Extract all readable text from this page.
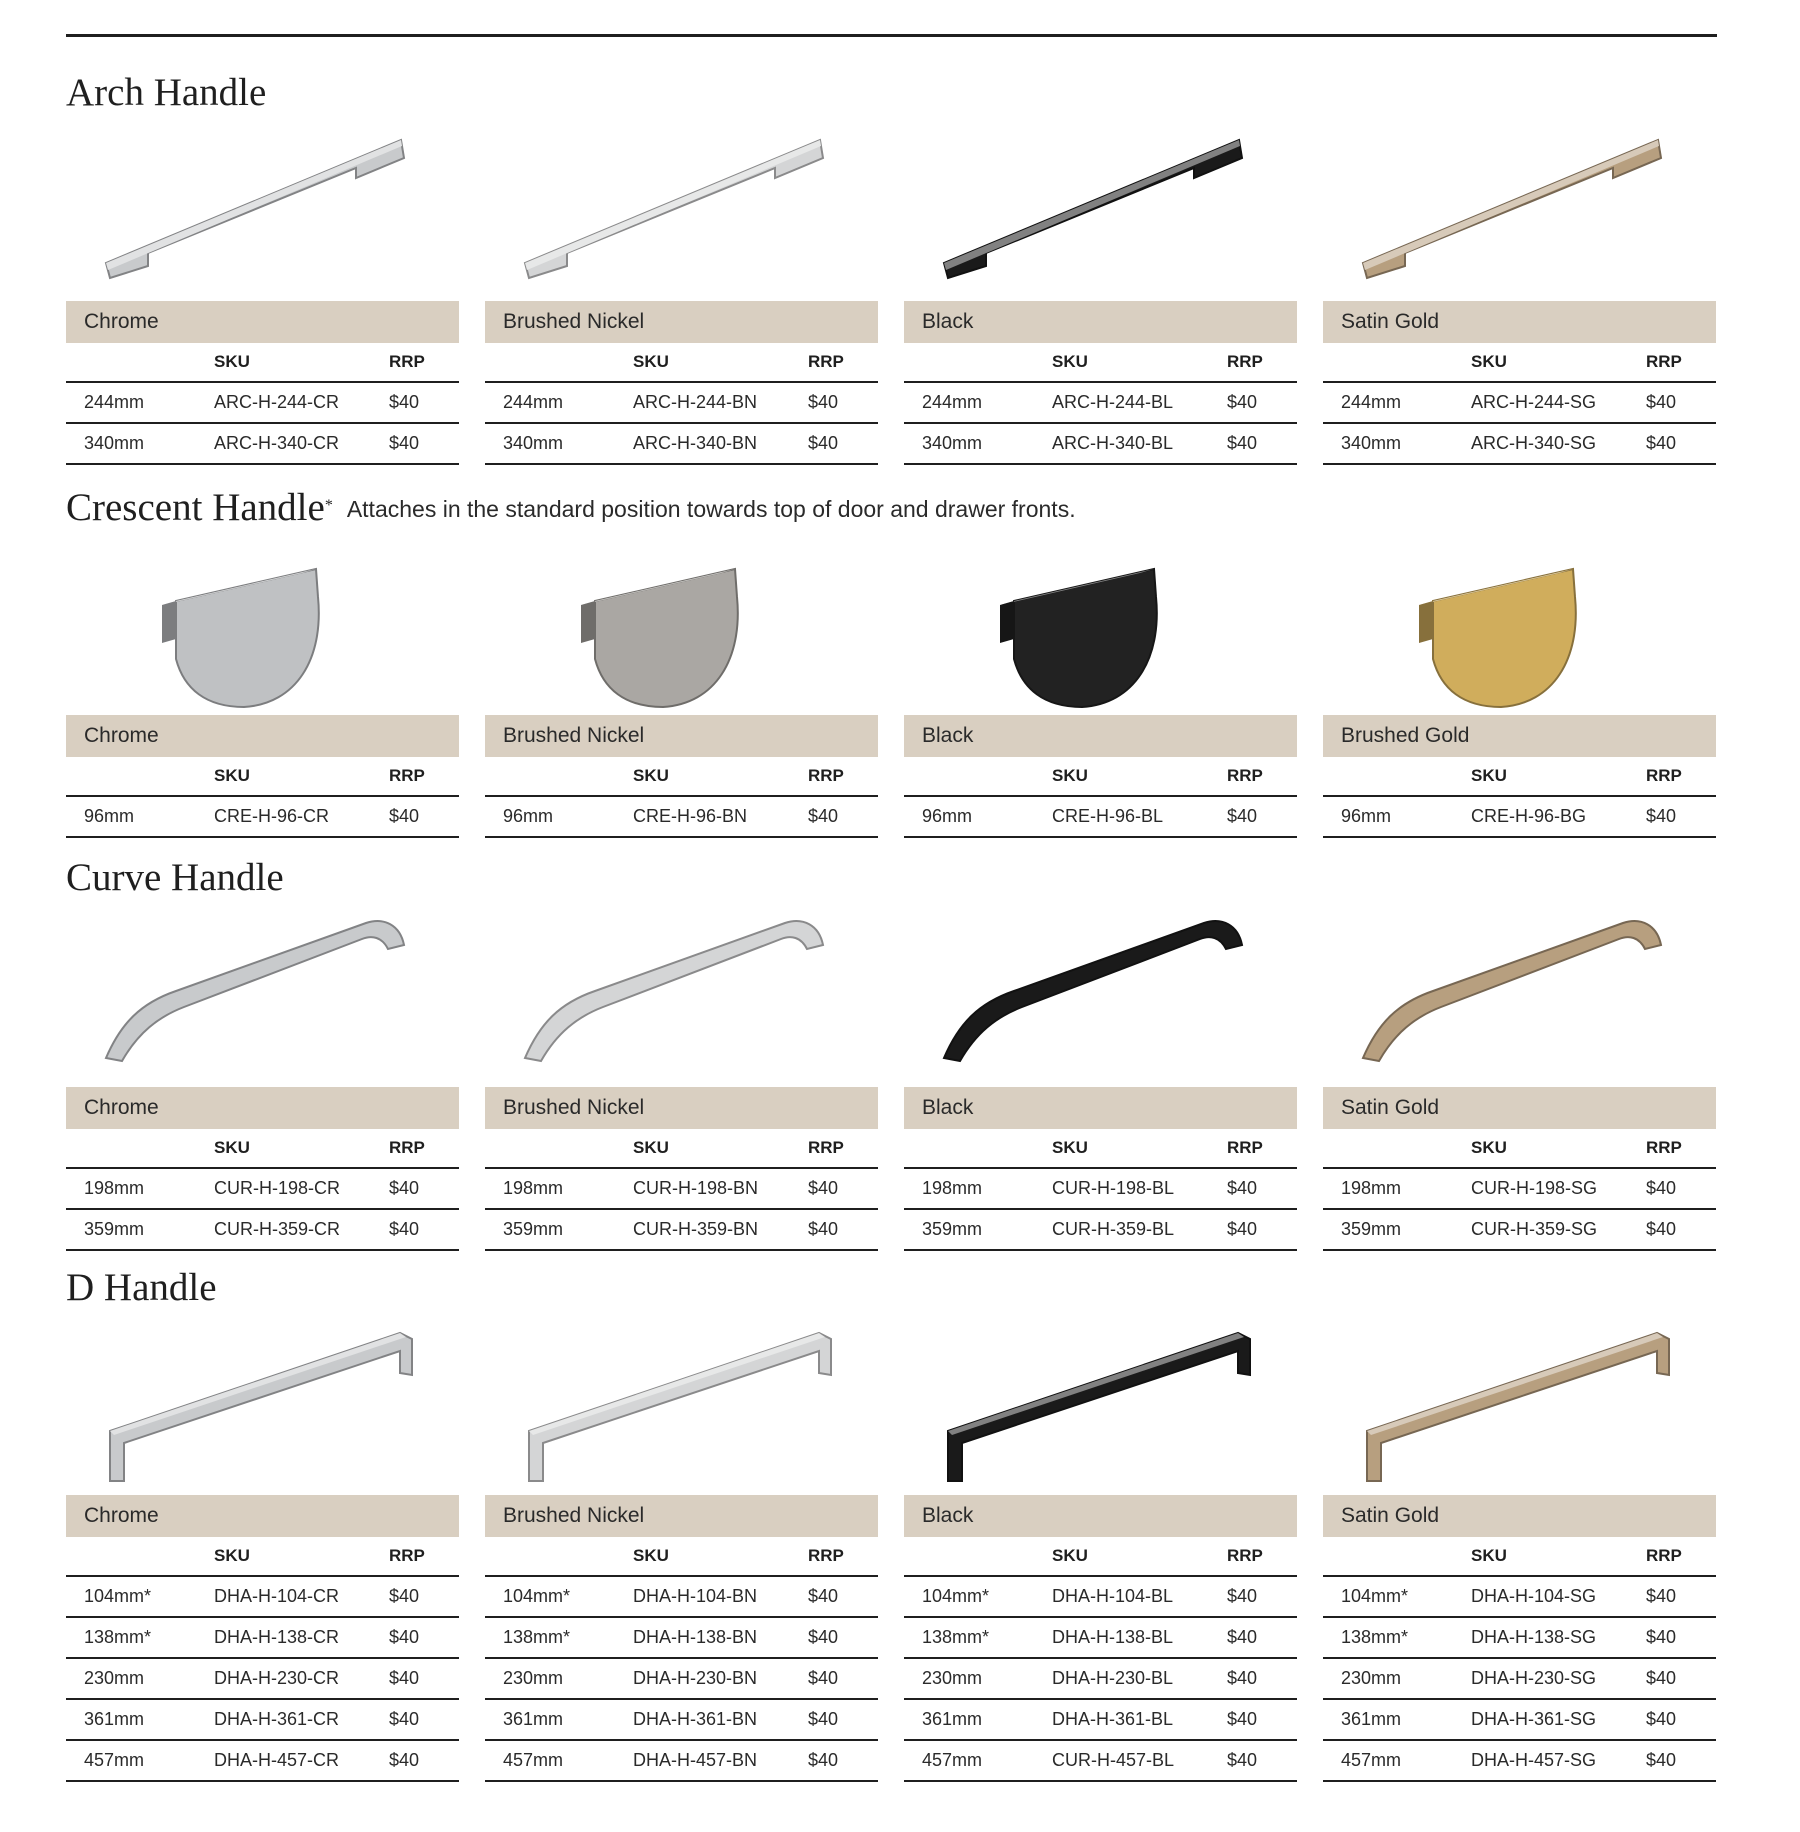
Arch Handle
Chrome
	SKU	RRP
244mm	ARC-H-244-CR	$40
340mm	ARC-H-340-CR	$40
Brushed Nickel
	SKU	RRP
244mm	ARC-H-244-BN	$40
340mm	ARC-H-340-BN	$40
Black
	SKU	RRP
244mm	ARC-H-244-BL	$40
340mm	ARC-H-340-BL	$40
Satin Gold
	SKU	RRP
244mm	ARC-H-244-SG	$40
340mm	ARC-H-340-SG	$40
Crescent Handle* Attaches in the standard position towards top of door and drawer fronts.
Chrome
	SKU	RRP
96mm	CRE-H-96-CR	$40
Brushed Nickel
	SKU	RRP
96mm	CRE-H-96-BN	$40
Black
	SKU	RRP
96mm	CRE-H-96-BL	$40
Brushed Gold
	SKU	RRP
96mm	CRE-H-96-BG	$40
Curve Handle
Chrome
	SKU	RRP
198mm	CUR-H-198-CR	$40
359mm	CUR-H-359-CR	$40
Brushed Nickel
	SKU	RRP
198mm	CUR-H-198-BN	$40
359mm	CUR-H-359-BN	$40
Black
	SKU	RRP
198mm	CUR-H-198-BL	$40
359mm	CUR-H-359-BL	$40
Satin Gold
	SKU	RRP
198mm	CUR-H-198-SG	$40
359mm	CUR-H-359-SG	$40
D Handle
Chrome
	SKU	RRP
104mm*	DHA-H-104-CR	$40
138mm*	DHA-H-138-CR	$40
230mm	DHA-H-230-CR	$40
361mm	DHA-H-361-CR	$40
457mm	DHA-H-457-CR	$40
Brushed Nickel
	SKU	RRP
104mm*	DHA-H-104-BN	$40
138mm*	DHA-H-138-BN	$40
230mm	DHA-H-230-BN	$40
361mm	DHA-H-361-BN	$40
457mm	DHA-H-457-BN	$40
Black
	SKU	RRP
104mm*	DHA-H-104-BL	$40
138mm*	DHA-H-138-BL	$40
230mm	DHA-H-230-BL	$40
361mm	DHA-H-361-BL	$40
457mm	CUR-H-457-BL	$40
Satin Gold
	SKU	RRP
104mm*	DHA-H-104-SG	$40
138mm*	DHA-H-138-SG	$40
230mm	DHA-H-230-SG	$40
361mm	DHA-H-361-SG	$40
457mm	DHA-H-457-SG	$40
